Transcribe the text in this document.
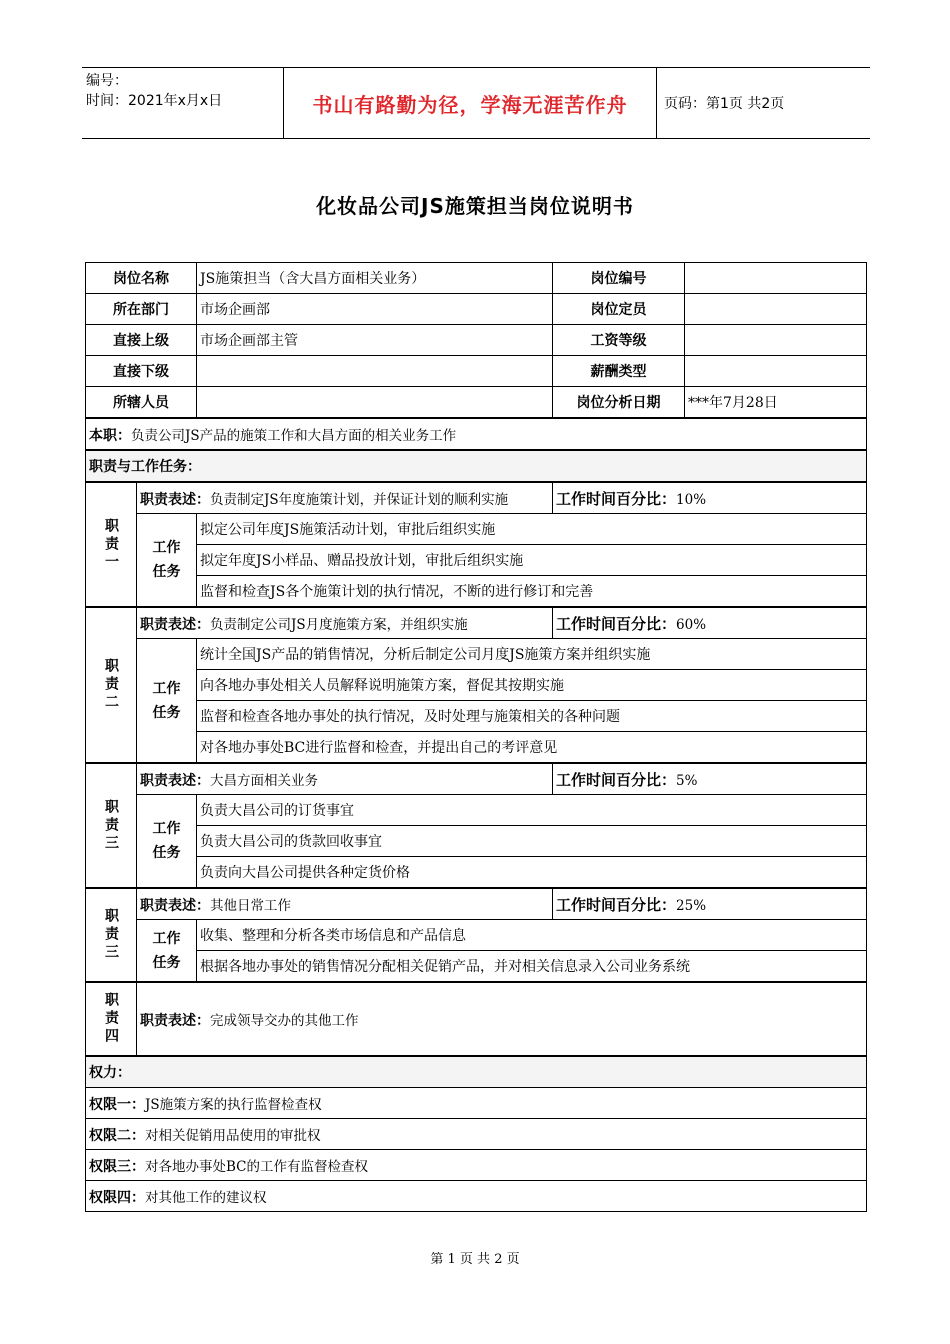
编号：
时间：2021年x月x日	书山有路勤为径，学海无涯苦作舟	页码：第1页 共2页
化妆品公司JS施策担当岗位说明书
岗位名称		JS施策担当（含大昌方面相关业务）	岗位编号	
所在部门		市场企画部	岗位定员	
直接上级		市场企画部主管	工资等级	
直接下级			薪酬类型	
所辖人员			岗位分析日期	***年7月28日
本职：负责公司JS产品的施策工作和大昌方面的相关业务工作				
职责与工作任务：				

职责一	职责表述：负责制定JS年度施策计划，并保证计划的顺利实施		工作时间百分比：10%	

	工作任务	拟定公司年度JS施策活动计划，审批后组织实施		
		拟定年度JS小样品、赠品投放计划，审批后组织实施		
		监督和检查JS各个施策计划的执行情况，不断的进行修订和完善		

职责二	职责表述：负责制定公司JS月度施策方案，并组织实施		工作时间百分比：60%	

	工作任务	统计全国JS产品的销售情况，分析后制定公司月度JS施策方案并组织实施		
		向各地办事处相关人员解释说明施策方案，督促其按期实施		
		监督和检查各地办事处的执行情况，及时处理与施策相关的各种问题		
		对各地办事处BC进行监督和检查，并提出自己的考评意见		

职责三	职责表述：大昌方面相关业务		工作时间百分比：5%	

	工作任务	负责大昌公司的订货事宜		
		负责大昌公司的货款回收事宜		
		负责向大昌公司提供各种定货价格		

职责三	职责表述：其他日常工作		工作时间百分比：25%	

	工作任务	收集、整理和分析各类市场信息和产品信息		
		根据各地办事处的销售情况分配相关促销产品，并对相关信息录入公司业务系统		

职责四	职责表述：完成领导交办的其他工作			
权力：				
权限一：JS施策方案的执行监督检查权				
权限二：对相关促销用品使用的审批权				
权限三：对各地办事处BC的工作有监督检查权				
权限四：对其他工作的建议权				
第 1 页 共 2 页
